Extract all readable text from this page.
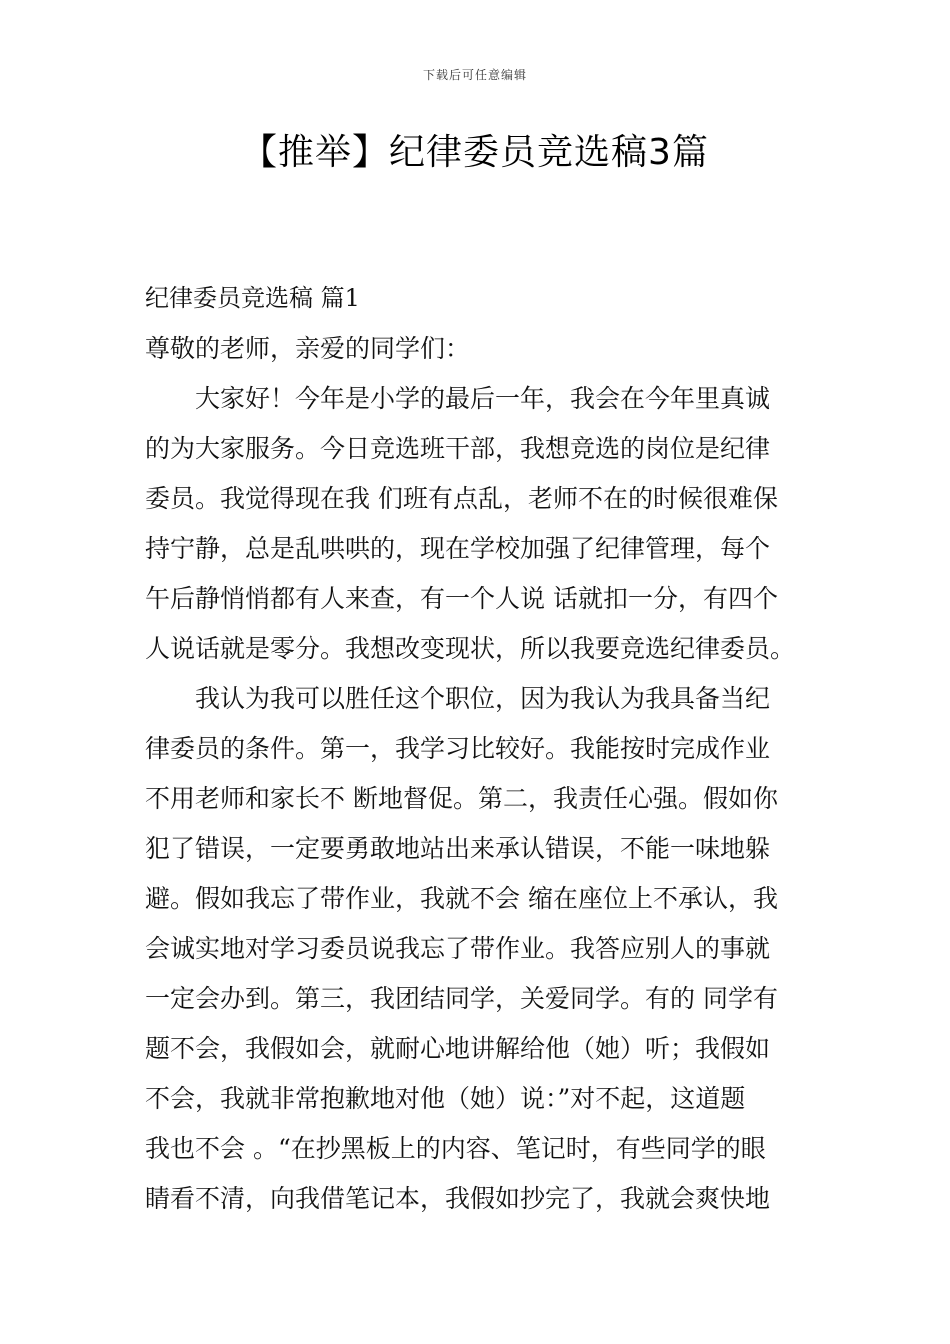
下载后可任意编辑
【推举】纪律委员竞选稿3篇

纪律委员竞选稿 篇1

尊敬的老师，亲爱的同学们：

大家好！今年是小学的最后一年，我会在今年里真诚

的为大家服务。今日竞选班干部，我想竞选的岗位是纪律

委员。我觉得现在我 们班有点乱，老师不在的时候很难保

持宁静，总是乱哄哄的，现在学校加强了纪律管理，每个

午后静悄悄都有人来查，有一个人说 话就扣一分，有四个

人说话就是零分。我想改变现状，所以我要竞选纪律委员。

我认为我可以胜任这个职位，因为我认为我具备当纪

律委员的条件。第一，我学习比较好。我能按时完成作业

不用老师和家长不 断地督促。第二，我责任心强。假如你

犯了错误，一定要勇敢地站出来承认错误，不能一味地躲

避。假如我忘了带作业，我就不会 缩在座位上不承认，我

会诚实地对学习委员说我忘了带作业。我答应别人的事就

一定会办到。第三，我团结同学，关爱同学。有的 同学有

题不会，我假如会，就耐心地讲解给他（她）听；我假如

不会，我就非常抱歉地对他（她）说：”对不起，这道题

我也不会 。“在抄黑板上的内容、笔记时，有些同学的眼

睛看不清，向我借笔记本，我假如抄完了，我就会爽快地
